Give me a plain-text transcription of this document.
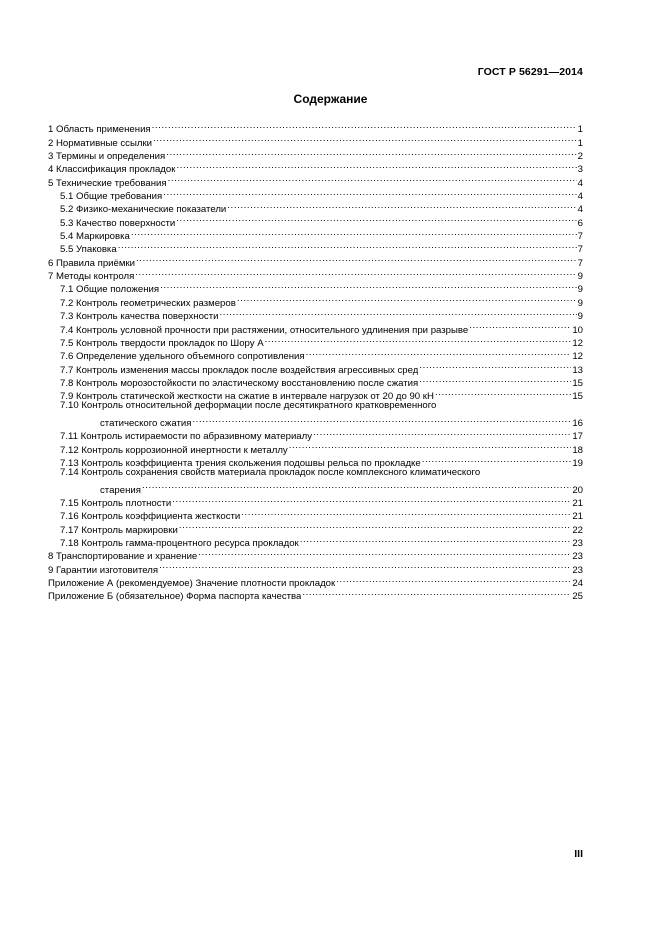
ГОСТ Р 56291—2014
Содержание
1 Область применения .....	1
2 Нормативные ссылки .....	1
3 Термины и определения .....	2
4 Классификация прокладок .....	3
5 Технические требования .....	4
5.1 Общие требования .....	4
5.2 Физико-механические показатели .....	4
5.3 Качество поверхности .....	6
5.4 Маркировка .....	7
5.5 Упаковка .....	7
6 Правила приёмки .....	7
7 Методы контроля .....	9
7.1 Общие положения .....	9
7.2 Контроль геометрических размеров .....	9
7.3 Контроль качества поверхности .....	9
7.4 Контроль условной прочности при растяжении, относительного удлинения при разрыве .....	10
7.5 Контроль твердости прокладок по Шору А .....	12
7.6 Определение удельного объемного сопротивления .....	12
7.7 Контроль изменения массы прокладок после воздействия агрессивных сред .....	13
7.8 Контроль морозостойкости по эластическому восстановлению после сжатия .....	15
7.9 Контроль статической жесткости на сжатие в интервале нагрузок от 20 до 90 кН .....	15
7.10 Контроль относительной деформации после десятикратного кратковременного
статического сжатия .....	16
7.11 Контроль истираемости по абразивному материалу .....	17
7.12 Контроль коррозионной инертности к металлу .....	18
7.13 Контроль коэффициента трения скольжения подошвы рельса по прокладке .....	19
7.14 Контроль сохранения свойств материала прокладок после комплексного климатического
старения .....	20
7.15 Контроль плотности .....	21
7.16 Контроль коэффициента жесткости .....	21
7.17 Контроль маркировки .....	22
7.18 Контроль гамма-процентного ресурса прокладок .....	23
8 Транспортирование и хранение .....	23
9 Гарантии изготовителя .....	23
Приложение А (рекомендуемое) Значение плотности прокладок .....	24
Приложение Б (обязательное) Форма паспорта качества .....	25
III
